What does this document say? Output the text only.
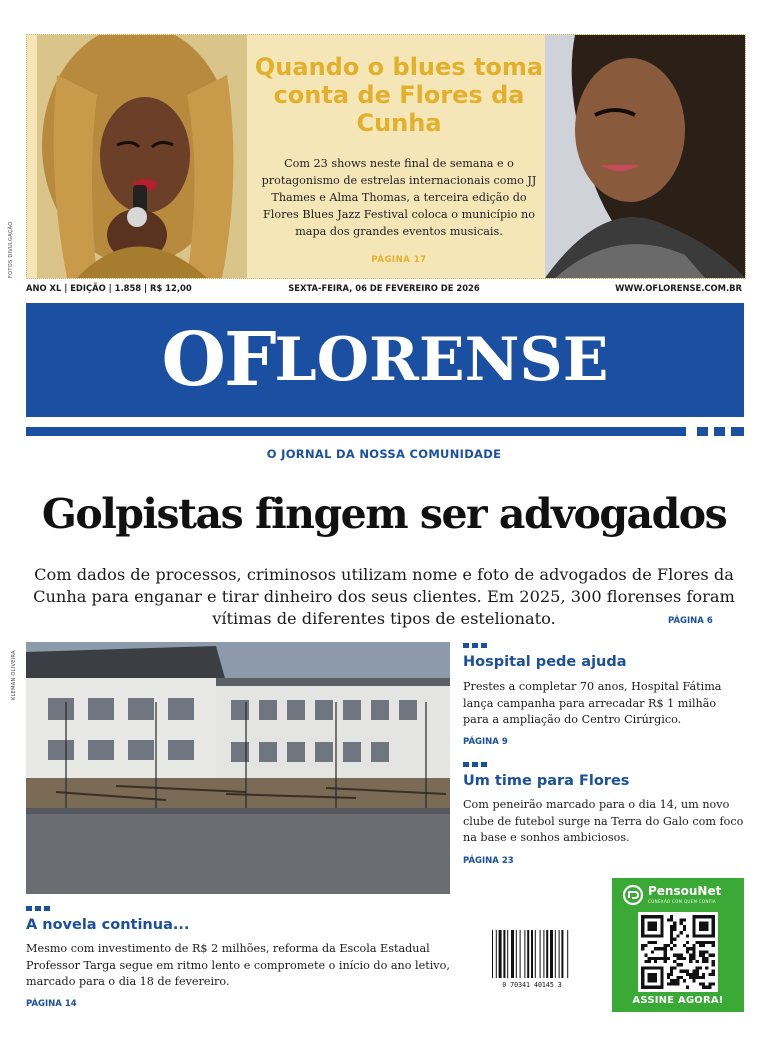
Quando o blues toma conta de Flores da Cunha

Com 23 shows neste final de semana e o protagonismo de estrelas internacionais como JJ Thames e Alma Thomas, a terceira edição do Flores Blues Jazz Festival coloca o município no mapa dos grandes eventos musicais.

PÁGINA 17
FOTOS DIVULGAÇÃO
ANO XL | EDIÇÃO | 1.858 | R$ 12,00	SEXTA-FEIRA, 06 DE FEVEREIRO DE 2026	WWW.OFLORENSE.COM.BR
O F LORENSE
O JORNAL DA NOSSA COMUNIDADE
Golpistas fingem ser advogados

Com dados de processos, criminosos utilizam nome e foto de advogados de Flores da Cunha para enganar e tirar dinheiro dos seus clientes. Em 2025, 300 florenses foram vítimas de diferentes tipos de estelionato.	PÁGINA 6
KLEMAN OLIVEIRA	Hospital pede ajuda

Prestes a completar 70 anos, Hospital Fátima lança campanha para arrecadar R$ 1 milhão para a ampliação do Centro Cirúrgico.

PÁGINA 9
Um time para Flores

Com peneirão marcado para o dia 14, um novo clube de futebol surge na Terra do Galo com foco na base e sonhos ambiciosos.

PÁGINA 23
A novela continua...

Mesmo com investimento de R$ 2 milhões, reforma da Escola Estadual Professor Targa segue em ritmo lento e compromete o início do ano letivo, marcado para o dia 18 de fevereiro.

PÁGINA 14
0 70341 40145 3
PensouNet
CONEXÃO COM QUEM CONFIA
ASSINE AGORA!
